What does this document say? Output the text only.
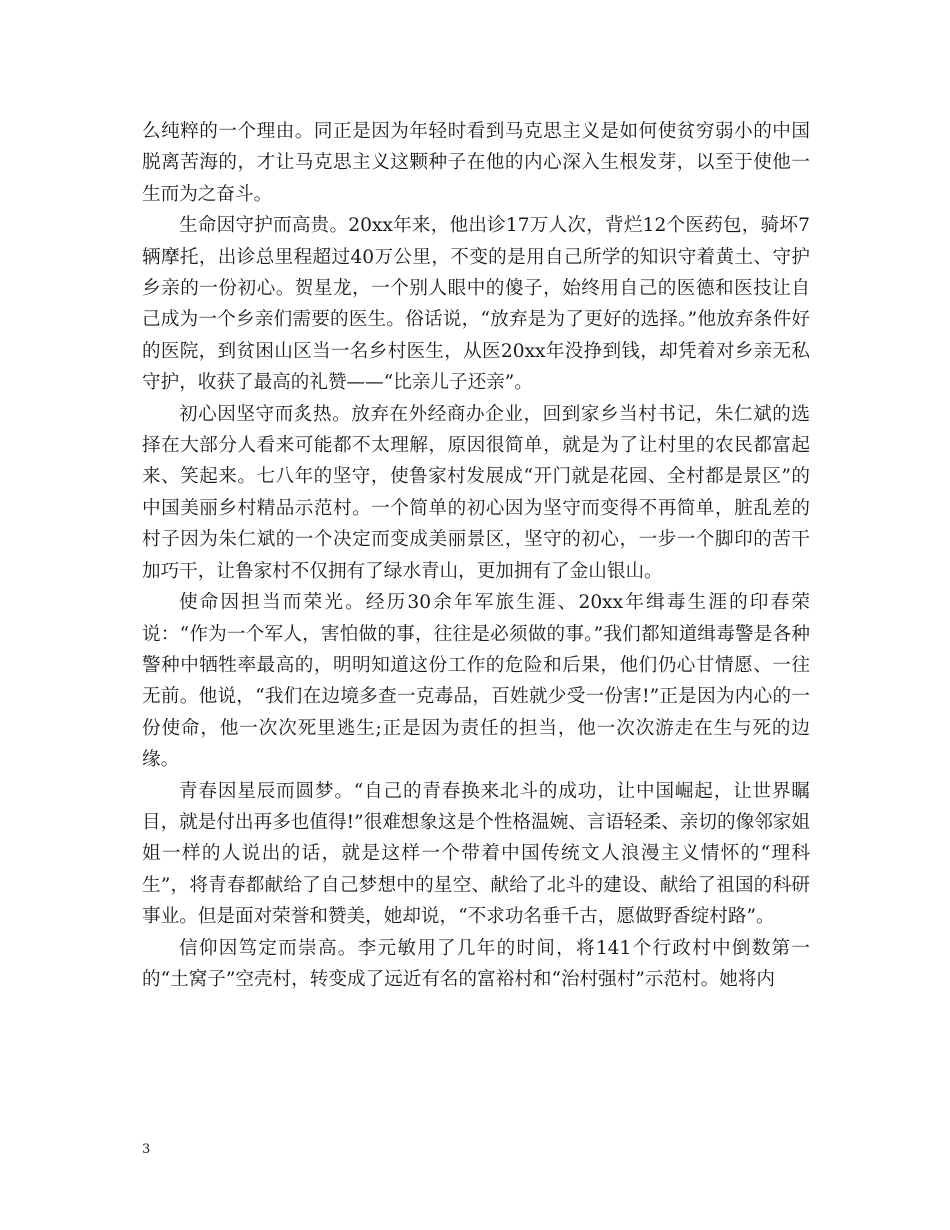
么纯粹的一个理由。同正是因为年轻时看到马克思主义是如何使贫穷弱小的中国脱离苦海的，才让马克思主义这颗种子在他的内心深入生根发芽，以至于使他一生而为之奋斗。

生命因守护而高贵。20xx年来，他出诊17万人次，背烂12个医药包，骑坏7辆摩托，出诊总里程超过40万公里，不变的是用自己所学的知识守着黄土、守护乡亲的一份初心。贺星龙，一个别人眼中的傻子，始终用自己的医德和医技让自己成为一个乡亲们需要的医生。俗话说，“放弃是为了更好的选择。”他放弃条件好的医院，到贫困山区当一名乡村医生，从医20xx年没挣到钱，却凭着对乡亲无私守护，收获了最高的礼赞——“比亲儿子还亲”。

初心因坚守而炙热。放弃在外经商办企业，回到家乡当村书记，朱仁斌的选择在大部分人看来可能都不太理解，原因很简单，就是为了让村里的农民都富起来、笑起来。七八年的坚守，使鲁家村发展成“开门就是花园、全村都是景区”的中国美丽乡村精品示范村。一个简单的初心因为坚守而变得不再简单，脏乱差的村子因为朱仁斌的一个决定而变成美丽景区，坚守的初心，一步一个脚印的苦干加巧干，让鲁家村不仅拥有了绿水青山，更加拥有了金山银山。

使命因担当而荣光。经历30余年军旅生涯、20xx年缉毒生涯的印春荣说：“作为一个军人，害怕做的事，往往是必须做的事。”我们都知道缉毒警是各种警种中牺牲率最高的，明明知道这份工作的危险和后果，他们仍心甘情愿、一往无前。他说，“我们在边境多查一克毒品，百姓就少受一份害!”正是因为内心的一份使命，他一次次死里逃生;正是因为责任的担当，他一次次游走在生与死的边缘。

青春因星辰而圆梦。“自己的青春换来北斗的成功，让中国崛起，让世界瞩目，就是付出再多也值得!”很难想象这是个性格温婉、言语轻柔、亲切的像邻家姐姐一样的人说出的话，就是这样一个带着中国传统文人浪漫主义情怀的“理科生”，将青春都献给了自己梦想中的星空、献给了北斗的建设、献给了祖国的科研事业。但是面对荣誉和赞美，她却说，“不求功名垂千古，愿做野香绽村路”。

信仰因笃定而崇高。李元敏用了几年的时间，将141个行政村中倒数第一的“土窝子”空壳村，转变成了远近有名的富裕村和“治村强村”示范村。她将内

3
